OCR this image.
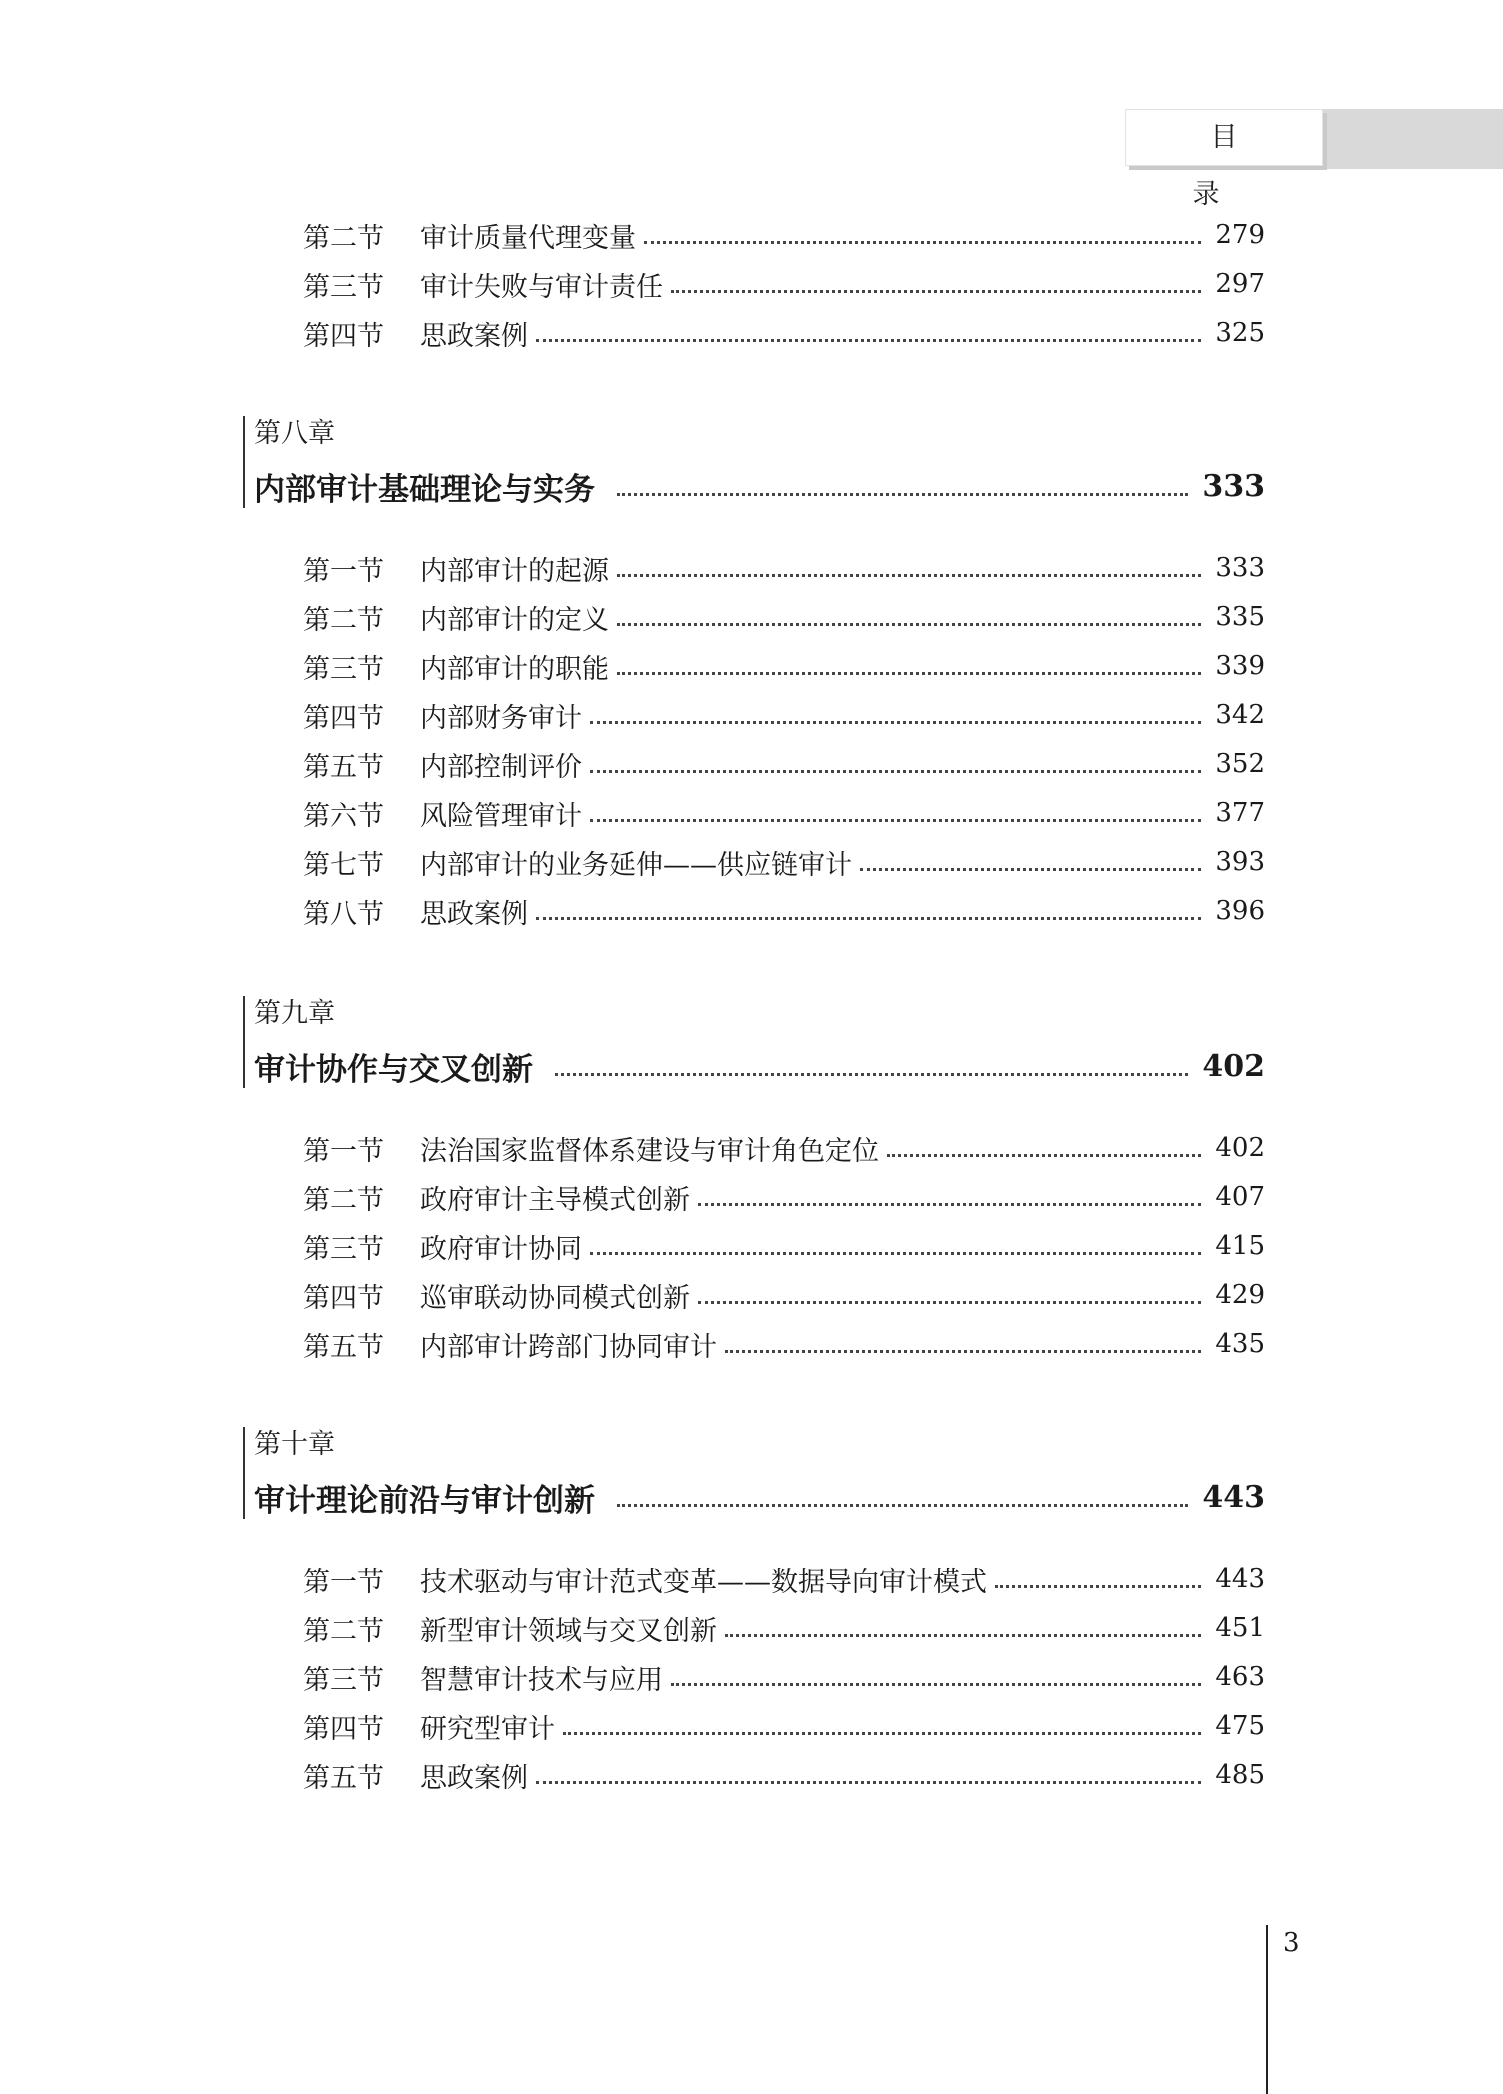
目 录
第二节	审计质量代理变量	279
第三节	审计失败与审计责任	297
第四节	思政案例	325
第八章
内部审计基础理论与实务	333
第一节	内部审计的起源	333
第二节	内部审计的定义	335
第三节	内部审计的职能	339
第四节	内部财务审计	342
第五节	内部控制评价	352
第六节	风险管理审计	377
第七节	内部审计的业务延伸——供应链审计	393
第八节	思政案例	396
第九章
审计协作与交叉创新	402
第一节	法治国家监督体系建设与审计角色定位	402
第二节	政府审计主导模式创新	407
第三节	政府审计协同	415
第四节	巡审联动协同模式创新	429
第五节	内部审计跨部门协同审计	435
第十章
审计理论前沿与审计创新	443
第一节	技术驱动与审计范式变革——数据导向审计模式	443
第二节	新型审计领域与交叉创新	451
第三节	智慧审计技术与应用	463
第四节	研究型审计	475
第五节	思政案例	485
3
